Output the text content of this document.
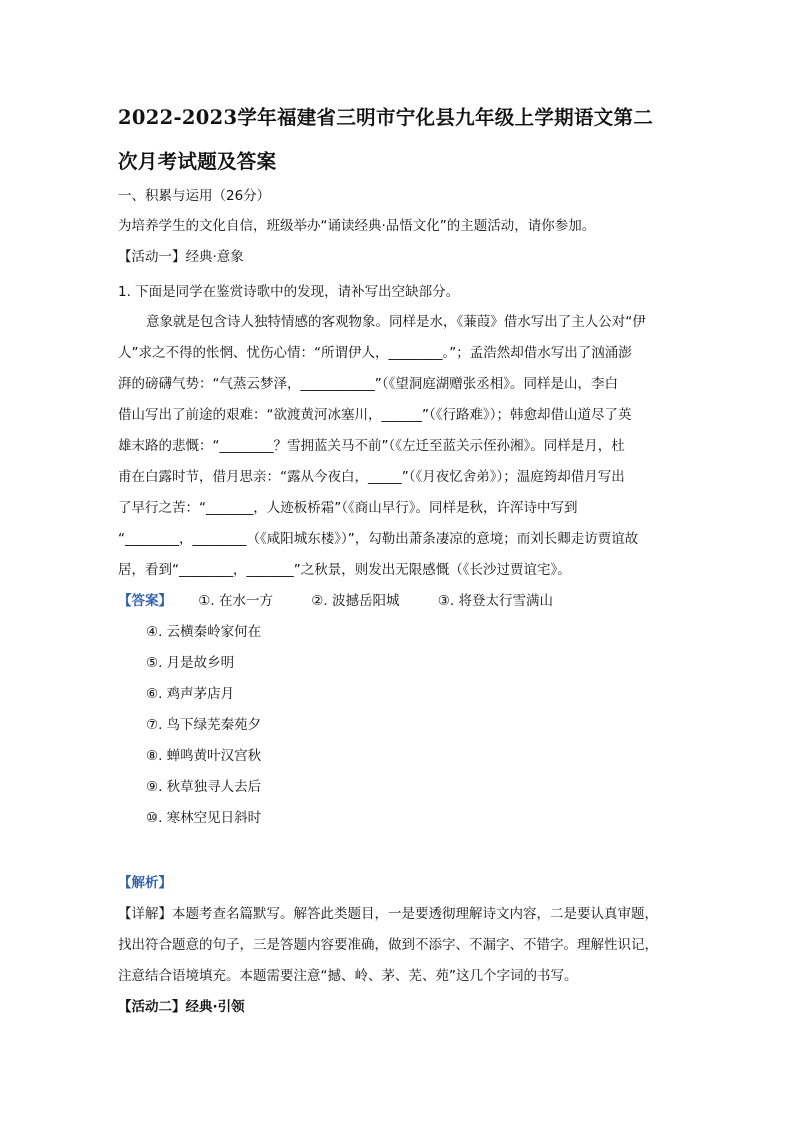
2022-2023学年福建省三明市宁化县九年级上学期语文第二
次月考试题及答案
一、积累与运用（26分）
为培养学生的文化自信，班级举办“诵读经典·品悟文化”的主题活动，请你参加。
【活动一】经典·意象
1. 下面是同学在鉴赏诗歌中的发现，请补写出空缺部分。
意象就是包含诗人独特情感的客观物象。同样是水，《蒹葭》借水写出了主人公对“伊
人”求之不得的怅惘、忧伤心情：“所谓伊人，________。”；孟浩然却借水写出了汹涌澎
湃的磅礴气势：“气蒸云梦泽，___________”（《望洞庭湖赠张丞相》。同样是山，李白
借山写出了前途的艰难：“欲渡黄河冰塞川，______”（《行路难》）；韩愈却借山道尽了英
雄末路的悲慨：“________？雪拥蓝关马不前”（《左迁至蓝关示侄孙湘》。同样是月，杜
甫在白露时节，借月思亲：“露从今夜白，_____”（《月夜忆舍弟》）；温庭筠却借月写出
了早行之苦：“_______，人迹板桥霜”（《商山早行》。同样是秋，许浑诗中写到
“________，________（《咸阳城东楼》）”，勾勒出萧条凄凉的意境；而刘长卿走访贾谊故
居，看到“________，_______”之秋景，则发出无限感慨（《长沙过贾谊宅》。
【答案】 ①. 在水一方	②. 波撼岳阳城	③. 将登太行雪满山
④. 云横秦岭家何在
⑤. 月是故乡明
⑥. 鸡声茅店月
⑦. 鸟下绿芜秦苑夕
⑧. 蝉鸣黄叶汉宫秋
⑨. 秋草独寻人去后
⑩. 寒林空见日斜时
【解析】
【详解】本题考查名篇默写。解答此类题目，一是要透彻理解诗文内容，二是要认真审题，
找出符合题意的句子，三是答题内容要准确，做到不添字、不漏字、不错字。理解性识记，
注意结合语境填充。本题需要注意“撼、岭、茅、芜、苑”这几个字词的书写。
【活动二】经典·引领
